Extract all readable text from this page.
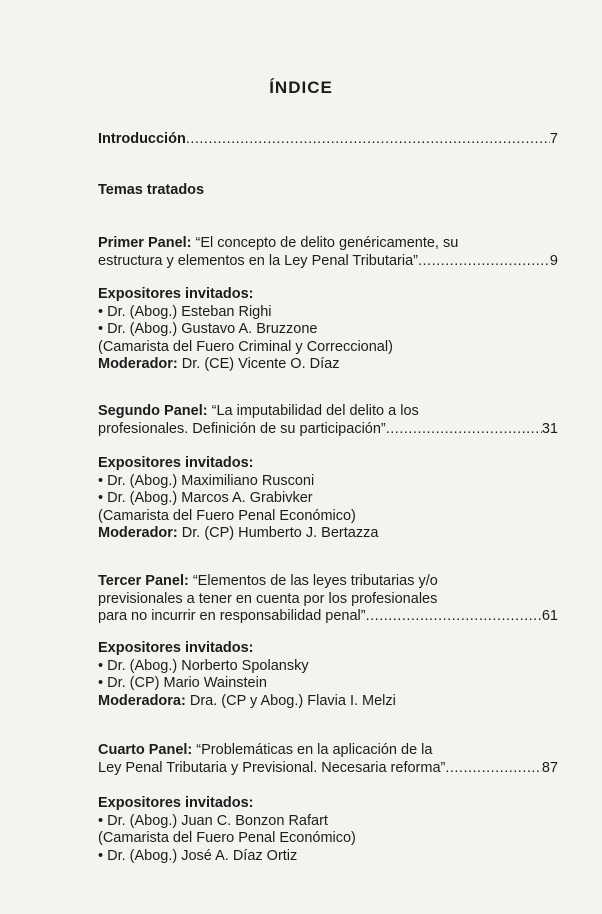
ÍNDICE
Introducción .....	7
Temas tratados
Primer Panel: “El concepto de delito genéricamente, su
estructura y elementos en la Ley Penal Tributaria” .....	9
Expositores invitados:
• Dr. (Abog.) Esteban Righi
• Dr. (Abog.) Gustavo A. Bruzzone
(Camarista del Fuero Criminal y Correccional)
Moderador: Dr. (CE) Vicente O. Díaz
Segundo Panel: “La imputabilidad del delito a los
profesionales. Definición de su participación” .....	31
Expositores invitados:
• Dr. (Abog.) Maximiliano Rusconi
• Dr. (Abog.) Marcos A. Grabivker
(Camarista del Fuero Penal Económico)
Moderador: Dr. (CP) Humberto J. Bertazza
Tercer Panel: “Elementos de las leyes tributarias y/o
previsionales a tener en cuenta por los profesionales
para no incurrir en responsabilidad penal” .....	61
Expositores invitados:
• Dr. (Abog.) Norberto Spolansky
• Dr. (CP) Mario Wainstein
Moderadora: Dra. (CP y Abog.) Flavia I. Melzi
Cuarto Panel: “Problemáticas en la aplicación de la
Ley Penal Tributaria y Previsional. Necesaria reforma” .....	87
Expositores invitados:
• Dr. (Abog.) Juan C. Bonzon Rafart
(Camarista del Fuero Penal Económico)
• Dr. (Abog.) José A. Díaz Ortiz
